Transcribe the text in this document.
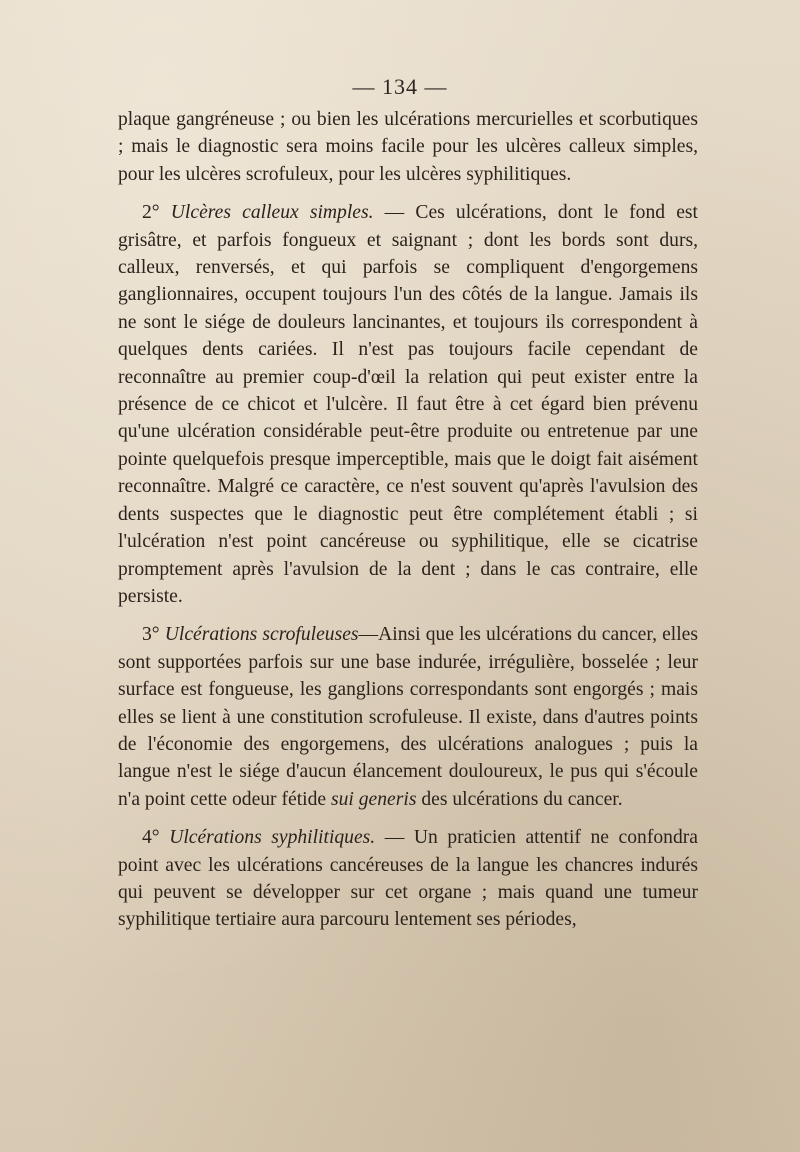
— 134 —

plaque gangréneuse ; ou bien les ulcérations mercurielles et scorbutiques ; mais le diagnostic sera moins facile pour les ulcères calleux simples, pour les ulcères scrofuleux, pour les ulcères syphilitiques.

2° Ulcères calleux simples. — Ces ulcérations, dont le fond est grisâtre, et parfois fongueux et saignant ; dont les bords sont durs, calleux, renversés, et qui parfois se compliquent d'engorgemens ganglionnaires, occupent toujours l'un des côtés de la langue. Jamais ils ne sont le siége de douleurs lancinantes, et toujours ils correspondent à quelques dents cariées. Il n'est pas toujours facile cependant de reconnaître au premier coup-d'œil la relation qui peut exister entre la présence de ce chicot et l'ulcère. Il faut être à cet égard bien prévenu qu'une ulcération considérable peut-être produite ou entretenue par une pointe quelquefois presque imperceptible, mais que le doigt fait aisément reconnaître. Malgré ce caractère, ce n'est souvent qu'après l'avulsion des dents suspectes que le diagnostic peut être complétement établi ; si l'ulcération n'est point cancéreuse ou syphilitique, elle se cicatrise promptement après l'avulsion de la dent ; dans le cas contraire, elle persiste.

3° Ulcérations scrofuleuses—Ainsi que les ulcérations du cancer, elles sont supportées parfois sur une base indurée, irrégulière, bosselée ; leur surface est fongueuse, les ganglions correspondants sont engorgés ; mais elles se lient à une constitution scrofuleuse. Il existe, dans d'autres points de l'économie des engorgemens, des ulcérations analogues ; puis la langue n'est le siége d'aucun élancement douloureux, le pus qui s'écoule n'a point cette odeur fétide sui generis des ulcérations du cancer.

4° Ulcérations syphilitiques. — Un praticien attentif ne confondra point avec les ulcérations cancéreuses de la langue les chancres indurés qui peuvent se développer sur cet organe ; mais quand une tumeur syphilitique tertiaire aura parcouru lentement ses périodes,
